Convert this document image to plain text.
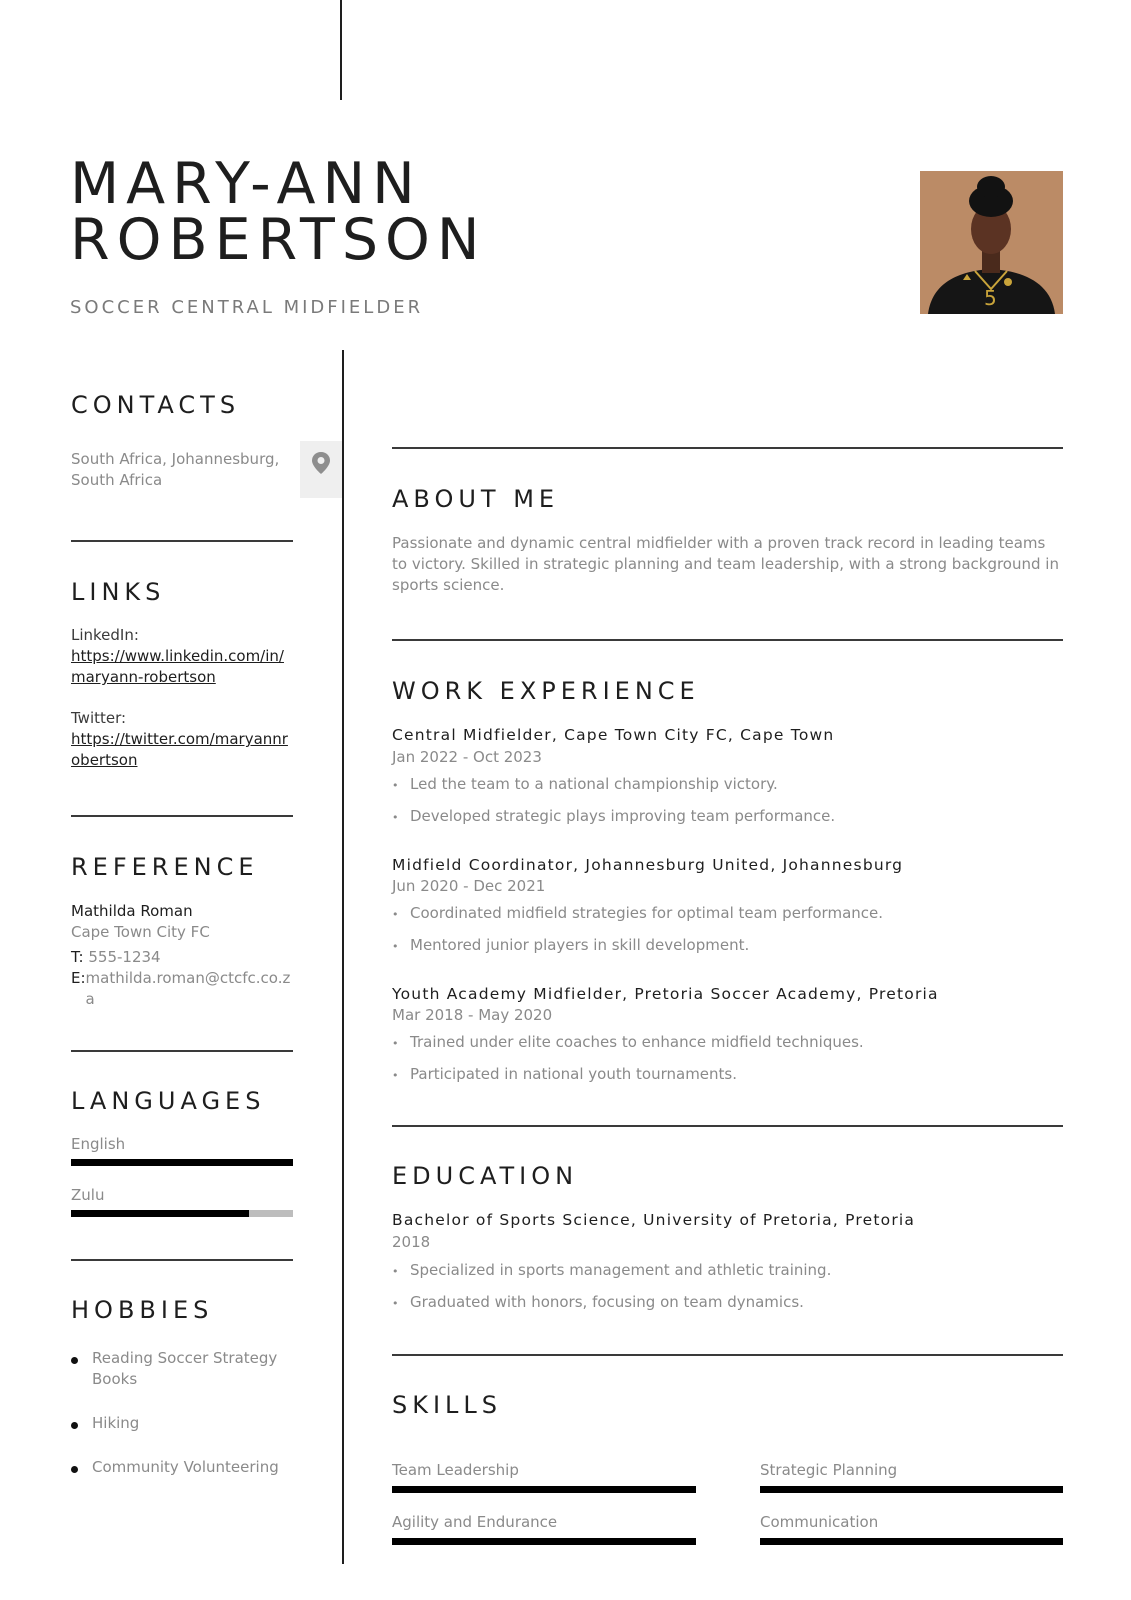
MARY-ANN
ROBERTSON
SOCCER CENTRAL MIDFIELDER	5
CONTACTS
South Africa, Johannesburg,
South Africa
LINKS
LinkedIn:
https://www.linkedin.com/in/maryann-robertson
Twitter:
https://twitter.com/maryannrobertson
REFERENCE
Mathilda Roman
Cape Town City FC
T: 555-1234
E: mathilda.roman@ctcfc.co.za
LANGUAGES
English
Zulu
HOBBIES
Reading Soccer Strategy Books
Hiking
Community Volunteering
ABOUT ME
Passionate and dynamic central midfielder with a proven track record in leading teams to victory. Skilled in strategic planning and team leadership, with a strong background in sports science.
WORK EXPERIENCE
Central Midfielder, Cape Town City FC, Cape Town
Jan 2022 - Oct 2023
• Led the team to a national championship victory.
• Developed strategic plays improving team performance.
Midfield Coordinator, Johannesburg United, Johannesburg
Jun 2020 - Dec 2021
• Coordinated midfield strategies for optimal team performance.
• Mentored junior players in skill development.
Youth Academy Midfielder, Pretoria Soccer Academy, Pretoria
Mar 2018 - May 2020
• Trained under elite coaches to enhance midfield techniques.
• Participated in national youth tournaments.
EDUCATION
Bachelor of Sports Science, University of Pretoria, Pretoria
2018
• Specialized in sports management and athletic training.
• Graduated with honors, focusing on team dynamics.
SKILLS
Team Leadership	Strategic Planning
Agility and Endurance	Communication
